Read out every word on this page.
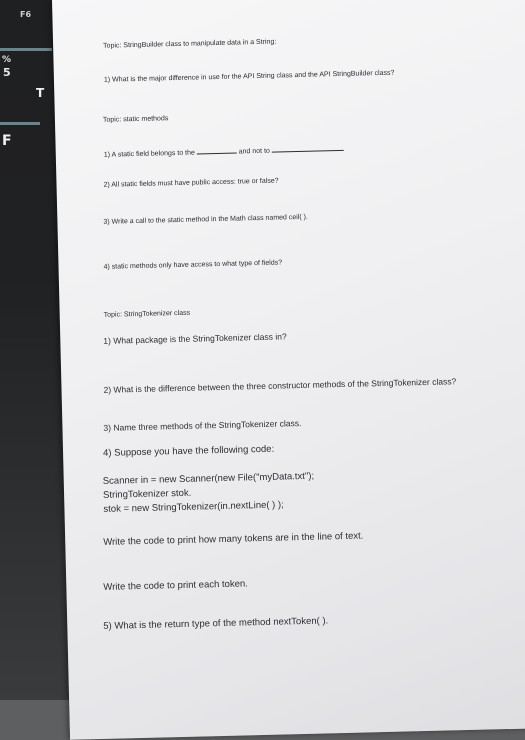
F6
%
5
T
F
Topic: StringBuilder class to manipulate data in a String:
1) What is the major difference in use for the API String class and the API StringBuilder class?
Topic: static methods
1) A static field belongs to the	and not to
2) All static fields must have public access: true or false?
3) Write a call to the static method in the Math class named ceil( ).
4) static methods only have access to what type of fields?
Topic: StringTokenizer class
1) What package is the StringTokenizer class in?
2) What is the difference between the three constructor methods of the StringTokenizer class?
3) Name three methods of the StringTokenizer class.
4) Suppose you have the following code:
Scanner in = new Scanner(new File("myData.txt");
StringTokenizer stok.
stok = new StringTokenizer(in.nextLine( ) );
Write the code to print how many tokens are in the line of text.
Write the code to print each token.
5) What is the return type of the method nextToken( ).
